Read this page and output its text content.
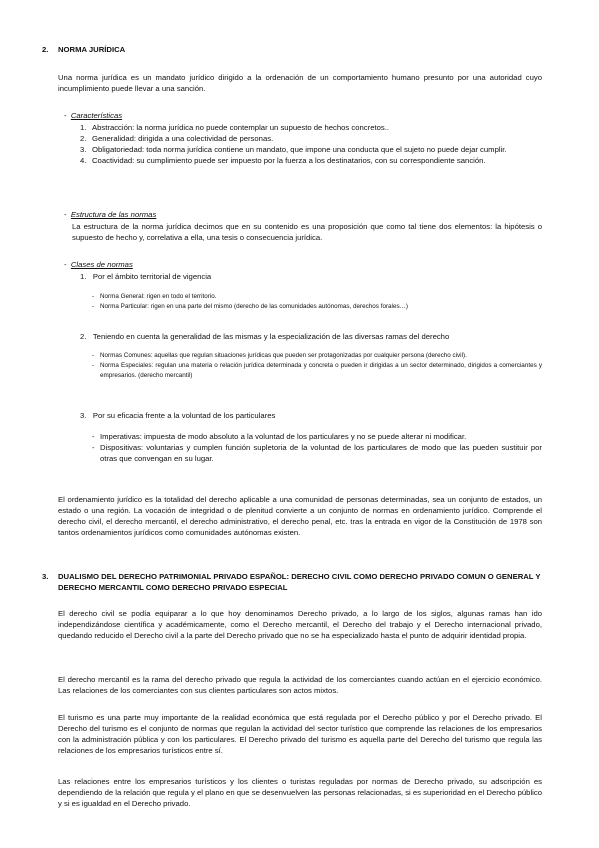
2.	NORMA JURÍDICA
Una norma jurídica es un mandato jurídico dirigido a la ordenación de un comportamiento humano presunto por una autoridad cuyo incumplimiento puede llevar a una sanción.
-  Características
1. Abstracción: la norma jurídica no puede contemplar un supuesto de hechos concretos..
2. Generalidad: dirigida a una colectividad de personas.
3. Obligatoriedad: toda norma jurídica contiene un mandato, que impone una conducta que el sujeto no puede dejar cumplir.
4. Coactividad: su cumplimiento puede ser impuesto por la fuerza a los destinatarios, con su correspondiente sanción.
-  Estructura de las normas
La estructura de la norma jurídica decimos que en su contenido es una proposición que como tal tiene dos elementos: la hipótesis o supuesto de hecho y, correlativa a ella, una tesis o consecuencia jurídica.
-  Clases de normas
1. Por el ámbito territorial de vigencia
- Norma General: rigen en todo el territorio.
- Norma Particular: rigen en una parte del mismo (derecho de las comunidades autónomas, derechos forales…)
2. Teniendo en cuenta la generalidad de las mismas y la especialización de las diversas ramas del derecho
- Normas Comunes: aquellas que regulan situaciones jurídicas que pueden ser protagonizadas por cualquier persona (derecho civil).
- Norma Especiales: regulan una materia o relación jurídica determinada y concreta o pueden ir dirigidas a un sector determinado, dirigidos a comerciantes y empresarios. (derecho mercantil)
3. Por su eficacia frente a la voluntad de los particulares
- Imperativas: impuesta de modo absoluto a la voluntad de los particulares y no se puede alterar ni modificar.
- Dispositivas: voluntarias y cumplen función supletoria de la voluntad de los particulares de modo que las pueden sustituir por otras que convengan en su lugar.
El ordenamiento jurídico es la totalidad del derecho aplicable a una comunidad de personas determinadas, sea un conjunto de estados, un estado o una región. La vocación de integridad o de plenitud convierte a un conjunto de normas en ordenamiento jurídico. Comprende el derecho civil, el derecho mercantil, el derecho administrativo, el derecho penal, etc. tras la entrada en vigor de la Constitución de 1978 son tantos ordenamientos jurídicos como comunidades autónomas existen.
3.	DUALISMO DEL DERECHO PATRIMONIAL PRIVADO ESPAÑOL: DERECHO CIVIL COMO DERECHO PRIVADO COMUN O GENERAL Y DERECHO MERCANTIL COMO DERECHO PRIVADO ESPECIAL
El derecho civil se podía equiparar a lo que hoy denominamos Derecho privado, a lo largo de los siglos, algunas ramas han ido independizándose científica y académicamente, como el Derecho mercantil, el Derecho del trabajo y el Derecho internacional privado, quedando reducido el Derecho civil a la parte del Derecho privado que no se ha especializado hasta el punto de adquirir identidad propia.
El derecho mercantil es la rama del derecho privado que regula la actividad de los comerciantes cuando actúan en el ejercicio económico. Las relaciones de los comerciantes con sus clientes particulares son actos mixtos.
El turismo es una parte muy importante de la realidad económica que está regulada por el Derecho público y por el Derecho privado. El Derecho del turismo es el conjunto de normas que regulan la actividad del sector turístico que comprende las relaciones de los empresarios con la administración pública y con los particulares. El Derecho privado del turismo es aquella parte del Derecho del turismo que regula las relaciones de los empresarios turísticos entre sí.
Las relaciones entre los empresarios turísticos y los clientes o turistas reguladas por normas de Derecho privado, su adscripción es dependiendo de la relación que regula y el plano en que se desenvuelven las personas relacionadas, si es superioridad en el Derecho público y si es igualdad en el Derecho privado.
